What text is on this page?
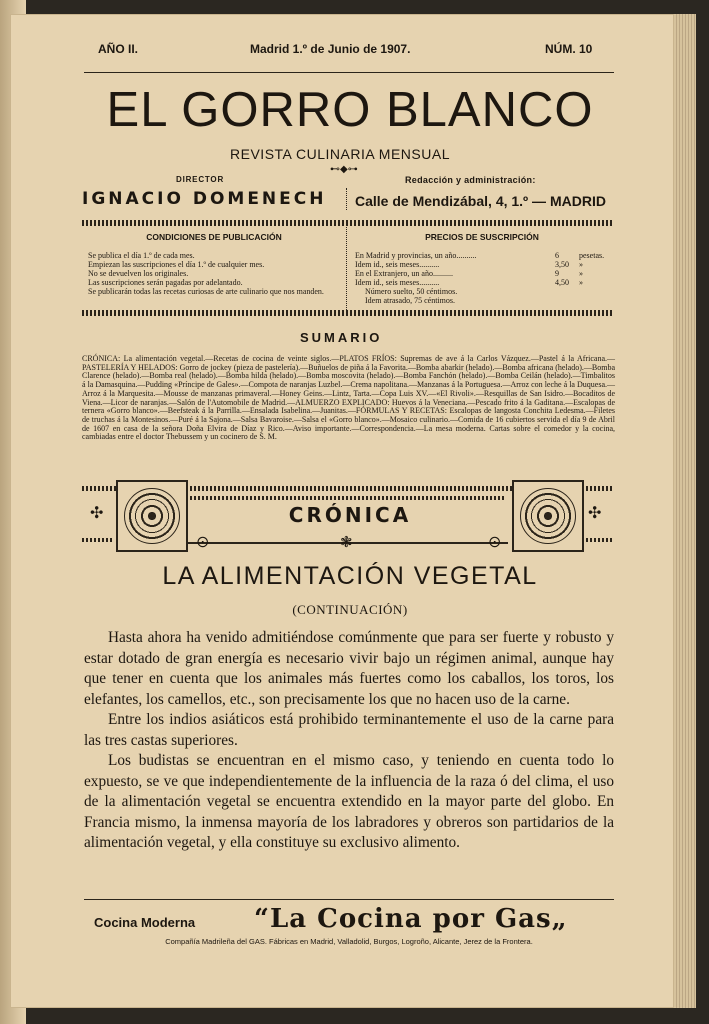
AÑO II.	Madrid 1.º de Junio de 1907.	NÚM. 10
EL GORRO BLANCO
REVISTA CULINARIA MENSUAL
⊷◆⊶
DIRECTOR
IGNACIO DOMENECH
Redacción y administración:
Calle de Mendizábal, 4, 1.º — MADRID
CONDICIONES DE PUBLICACIÓN
Se publica el día 1.º de cada mes.
Empiezan las suscripciones el día 1.º de cualquier mes.
No se devuelven los originales.
Las suscripciones serán pagadas por adelantado.
Se publicarán todas las recetas curiosas de arte culinario que nos manden.
PRECIOS DE SUSCRIPCIÓN
En Madrid y provincias, un año..........	6	pesetas.
Idem id., seis meses..........	3,50	»
En el Extranjero, un año..........	9	»
Idem id., seis meses..........	4,50	»
Número suelto, 50 céntimos.
Idem atrasado, 75 céntimos.
SUMARIO
CRÓNICA: La alimentación vegetal.—Recetas de cocina de veinte siglos.—PLATOS FRÍOS: Supremas de ave á la Carlos Vázquez.—Pastel á la Africana.—PASTELERÍA Y HELADOS: Gorro de jockey (pieza de pastelería).—Buñuelos de piña á la Favorita.—Bomba abarkir (helado).—Bomba africana (helado).—Bomba Clarence (helado).—Bomba real (helado).—Bomba hilda (helado).—Bomba moscovita (helado).—Bomba Fanchón (helado).—Bomba Ceilán (helado).—Timbalitos á la Damasquina.—Pudding «Príncipe de Gales».—Compota de naranjas Luzbel.—Crema napolitana.—Manzanas á la Portuguesa.—Arroz con leche á la Duquesa.—Arroz á la Marquesita.—Mousse de manzanas primaveral.—Honey Geins.—Lintz, Tarta.—Copa Luis XV.—«El Rivoli».—Resquillas de San Isidro.—Bocaditos de Viena.—Licor de naranjas.—Salón de l'Automobile de Madrid.—ALMUERZO EXPLICADO: Huevos á la Veneciana.—Pescado frito á la Gaditana.—Escalopas de ternera «Gorro blanco».—Beefsteak á la Parrilla.—Ensalada Isabelina.—Juanitas.—FÓRMULAS Y RECETAS: Escalopas de langosta Conchita Ledesma.—Filetes de truchas á la Montesinos.—Puré á la Sajona.—Salsa Bavaroise.—Salsa el «Gorro blanco».—Mosaico culinario.—Comida de 16 cubiertos servida el día 9 de Abril de 1607 en casa de la señora Doña Elvira de Díaz y Rico.—Aviso importante.—Correspondencia.—La mesa moderna. Cartas sobre el comedor y la cocina, cambiadas entre el doctor Thebussem y un cocinero de S. M.
✣	✣
CRÓNICA
❃
⊙	⊙
LA ALIMENTACIÓN VEGETAL
(CONTINUACIÓN)

Hasta ahora ha venido admitiéndose comúnmente que para ser fuerte y robusto y estar dotado de gran energía es necesario vivir bajo un régimen animal, aunque hay que tener en cuenta que los animales más fuertes como los caballos, los toros, los elefantes, los camellos, etc., son precisamente los que no hacen uso de la carne.

Entre los indios asiáticos está prohibido terminantemente el uso de la carne para las tres castas superiores.

Los budistas se encuentran en el mismo caso, y teniendo en cuenta todo lo expuesto, se ve que independientemente de la influencia de la raza ó del clima, el uso de la alimentación vegetal se encuentra extendido en la mayor parte del globo. En Francia mismo, la inmensa mayoría de los labradores y obreros son partidarios de la alimentación vegetal, y ella constituye su exclusivo alimento.

Cocina Moderna “La Cocina por Gas„
Compañía Madrileña del GAS. Fábricas en Madrid, Valladolid, Burgos, Logroño, Alicante, Jerez de la Frontera.
